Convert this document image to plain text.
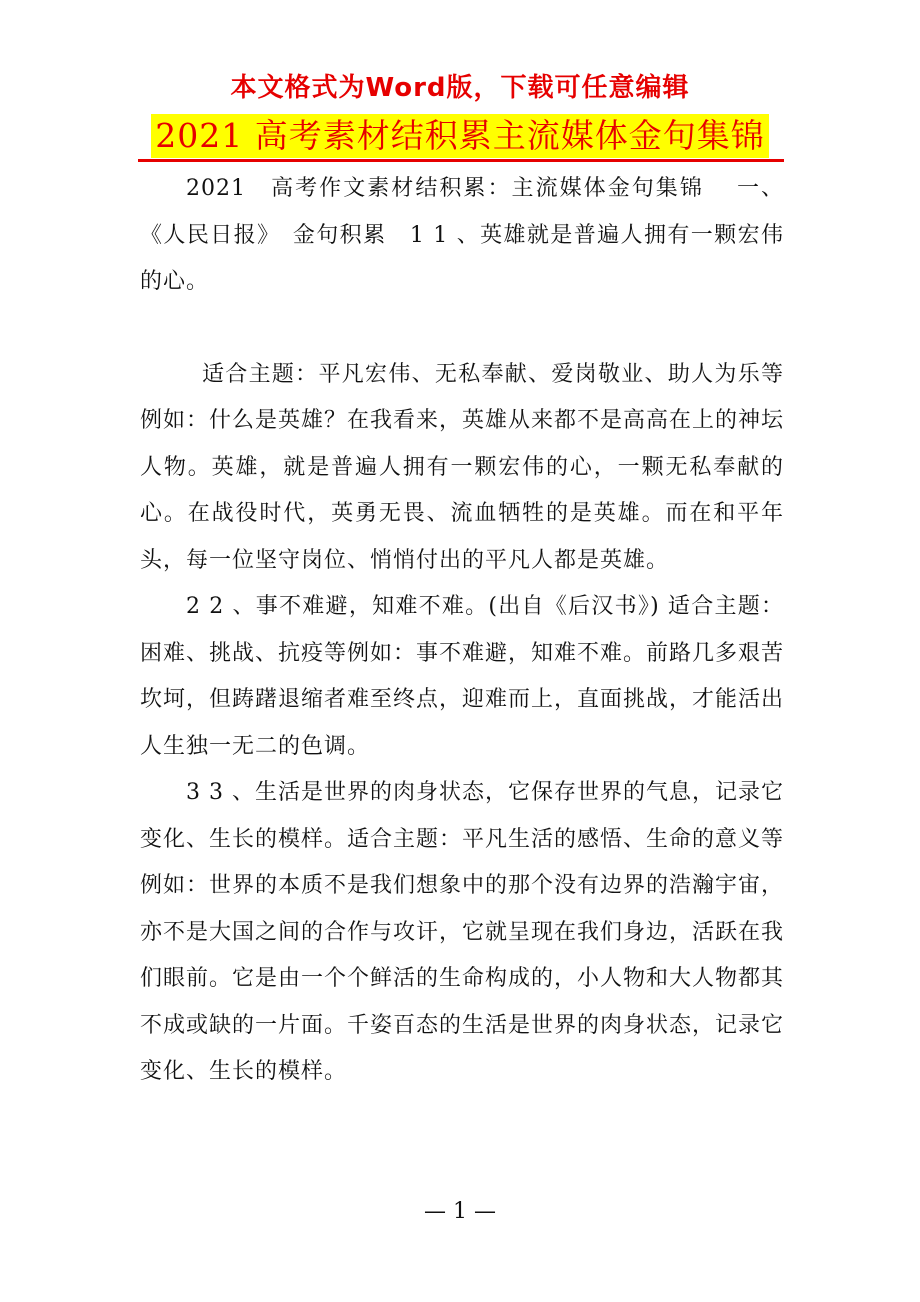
本文格式为Word版，下载可任意编辑
2021 高考素材结积累主流媒体金句集锦

2021　高考作文素材结积累：主流媒体金句集锦　 一、《人民日报》　金句积累　1 1 、英雄就是普遍人拥有一颗宏伟的心。

适合主题：平凡宏伟、无私奉献、爱岗敬业、助人为乐等例如：什么是英雄？在我看来，英雄从来都不是高高在上的神坛人物。英雄，就是普遍人拥有一颗宏伟的心，一颗无私奉献的心。在战役时代，英勇无畏、流血牺牲的是英雄。而在和平年头，每一位坚守岗位、悄悄付出的平凡人都是英雄。

2 2 、事不难避，知难不难。(出自《后汉书》) 适合主题：困难、挑战、抗疫等例如：事不难避，知难不难。前路几多艰苦坎坷，但踌躇退缩者难至终点，迎难而上，直面挑战，才能活出人生独一无二的色调。

3 3 、生活是世界的肉身状态，它保存世界的气息，记录它变化、生长的模样。适合主题：平凡生活的感悟、生命的意义等例如：世界的本质不是我们想象中的那个没有边界的浩瀚宇宙，亦不是大国之间的合作与攻讦，它就呈现在我们身边，活跃在我们眼前。它是由一个个鲜活的生命构成的，小人物和大人物都其不成或缺的一片面。千姿百态的生活是世界的肉身状态，记录它变化、生长的模样。

— 1 —
